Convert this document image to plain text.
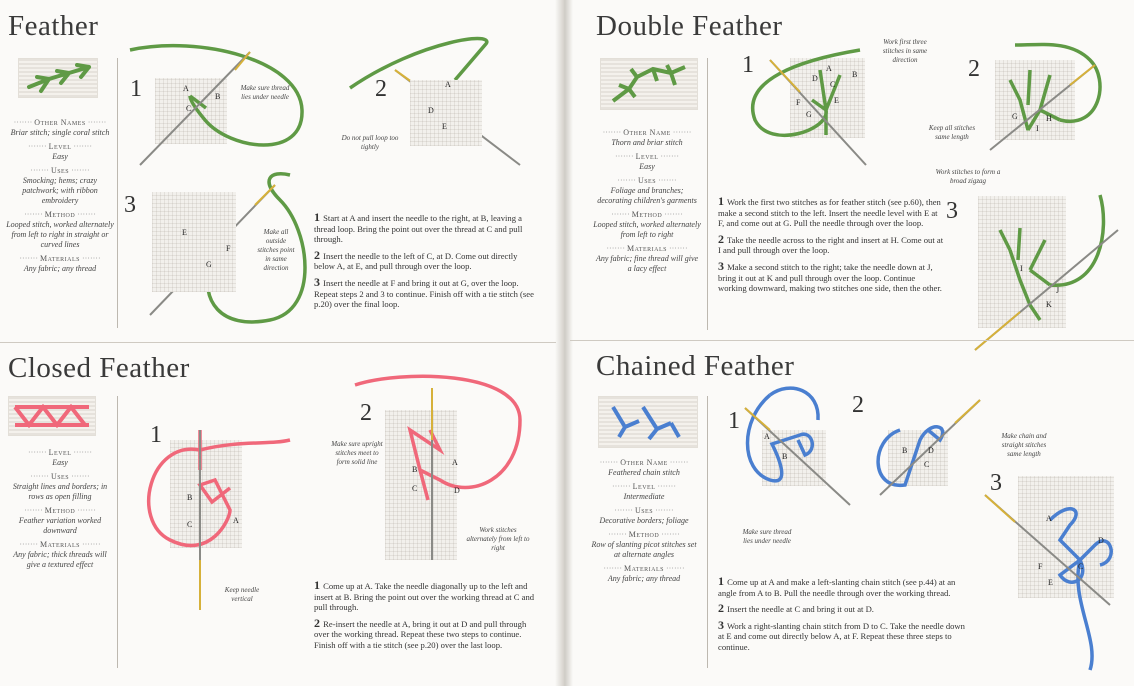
Feather
······· Other Names ·······
Briar stitch; single coral stitch
······· Level ·······
Easy
······· Uses ·······
Smocking; hems; crazy patchwork; with ribbon embroidery
······· Method ·······
Looped stitch, worked alternately from left to right in straight or curved lines
······· Materials ·······
Any fabric; any thread
1	A
B
C
Make sure thread lies under needle	2	A
D
E
Do not pull loop too tightly
3
E
F
G
Make all outside stitches point in same direction

1 Start at A and insert the needle to the right, at B, leaving a thread loop. Bring the point out over the thread at C and pull through.

2 Insert the needle to the left of C, at D. Come out directly below A, at E, and pull through over the loop.

3 Insert the needle at F and bring it out at G, over the loop. Repeat steps 2 and 3 to continue. Finish off with a tie stitch (see p.20) over the final loop.

Closed Feather
······· Level ·······
Easy
······· Uses ·······
Straight lines and borders; in rows as open filling
······· Method ·······
Feather variation worked downward
······· Materials ·······
Any fabric; thick threads will give a textured effect
1
2
B
C	A
B
C
A
D
Make sure upright stitches meet to form solid line
Work stitches alternately from left to right
Keep needle vertical

1 Come up at A. Take the needle diagonally up to the left and insert at B. Bring the point out over the working thread at C and pull through.

2 Re-insert the needle at A, bring it out at D and pull through over the working thread. Repeat these two steps to continue. Finish off with a tie stitch (see p.20) over the last loop.

Double Feather
······· Other Name ·······
Thorn and briar stitch
······· Level ·······
Easy
······· Uses ·······
Foliage and branches; decorating children's garments
······· Method ·······
Looped stitch, worked alternately from left to right
······· Materials ·······
Any fabric; fine thread will give a lacy effect
1	2
3
D
A
B
C
F	E
G	G	H
I
I
J
K
Work first three stitches in same direction
Keep all stitches same length
Work stitches to form a broad zigzag

1 Work the first two stitches as for feather stitch (see p.60), then make a second stitch to the left. Insert the needle level with E at F, and come out at G. Pull the needle through over the loop.

2 Take the needle across to the right and insert at H. Come out at I and pull through over the loop.

3 Make a second stitch to the right; take the needle down at J, bring it out at K and pull through over the loop. Continue working downward, making two stitches one side, then the other.

Chained Feather
······· Other Name ·······
Feathered chain stitch
······· Level ·······
Intermediate
······· Uses ·······
Decorative borders; foliage
······· Method ·······
Row of slanting picot stitches set at alternate angles
······· Materials ·······
Any fabric; any thread
1
2
3
A
B
B	D
C
A
D
C
F
E
Make sure thread lies under needle
Make chain and straight stitches same length

1 Come up at A and make a left-slanting chain stitch (see p.44) at an angle from A to B. Pull the needle through over the working thread.

2 Insert the needle at C and bring it out at D.

3 Work a right-slanting chain stitch from D to C. Take the needle down at E and come out directly below A, at F. Repeat these three steps to continue.
